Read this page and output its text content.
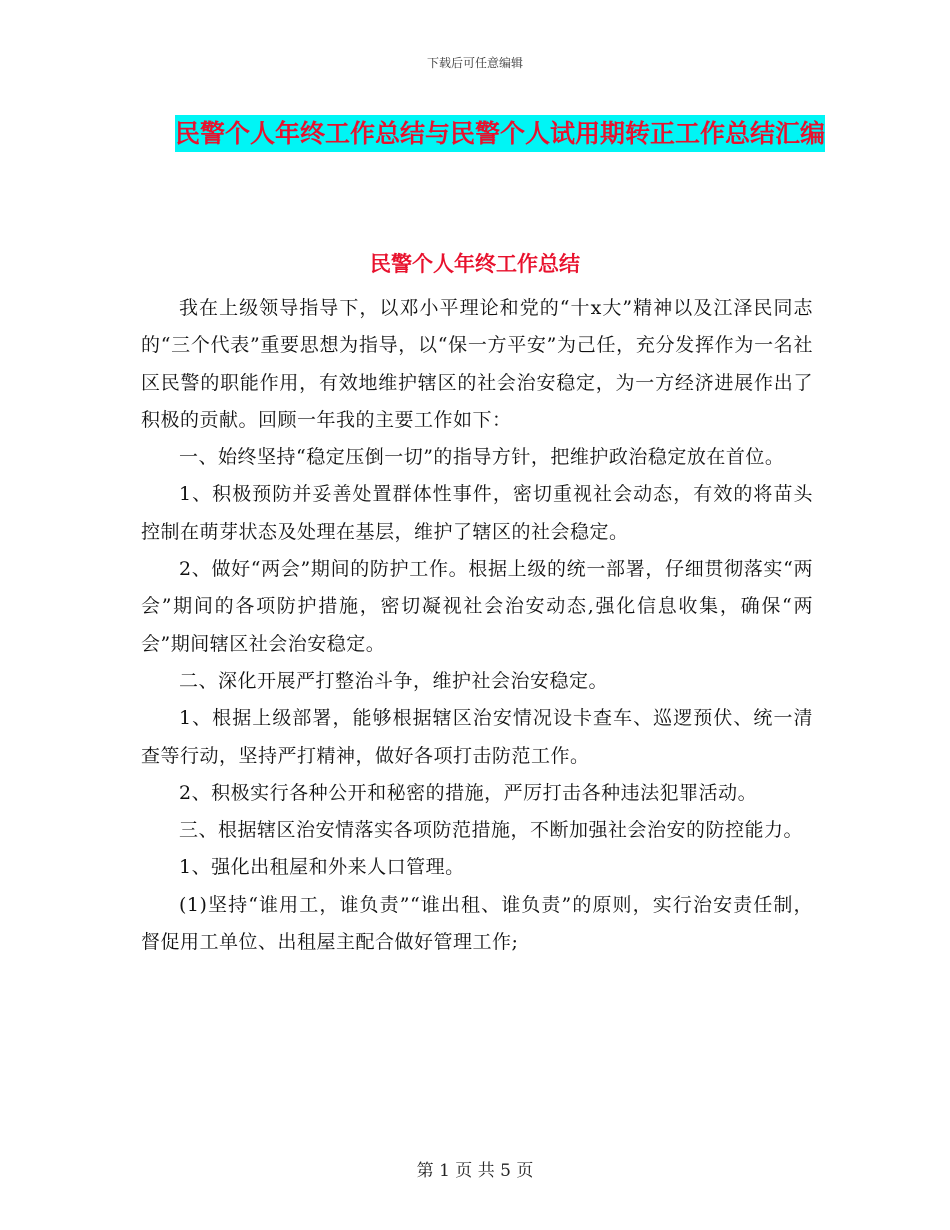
下载后可任意编辑
民警个人年终工作总结与民警个人试用期转正工作总结汇编
民警个人年终工作总结

我在上级领导指导下，以邓小平理论和党的“十x大”精神以及江泽民同志的“三个代表”重要思想为指导，以“保一方平安”为己任，充分发挥作为一名社区民警的职能作用，有效地维护辖区的社会治安稳定，为一方经济进展作出了积极的贡献。回顾一年我的主要工作如下：

一、始终坚持“稳定压倒一切”的指导方针，把维护政治稳定放在首位。

1、积极预防并妥善处置群体性事件，密切重视社会动态，有效的将苗头控制在萌芽状态及处理在基层，维护了辖区的社会稳定。

2、做好“两会”期间的防护工作。根据上级的统一部署，仔细贯彻落实“两会”期间的各项防护措施，密切凝视社会治安动态,强化信息收集，确保“两会”期间辖区社会治安稳定。

二、深化开展严打整治斗争，维护社会治安稳定。

1、根据上级部署，能够根据辖区治安情况设卡查车、巡逻预伏、统一清查等行动，坚持严打精神，做好各项打击防范工作。

2、积极实行各种公开和秘密的措施，严厉打击各种违法犯罪活动。

三、根据辖区治安情落实各项防范措施，不断加强社会治安的防控能力。

1、强化出租屋和外来人口管理。

(1)坚持“谁用工，谁负责”“谁出租、谁负责”的原则，实行治安责任制，督促用工单位、出租屋主配合做好管理工作;

第 1 页 共 5 页
